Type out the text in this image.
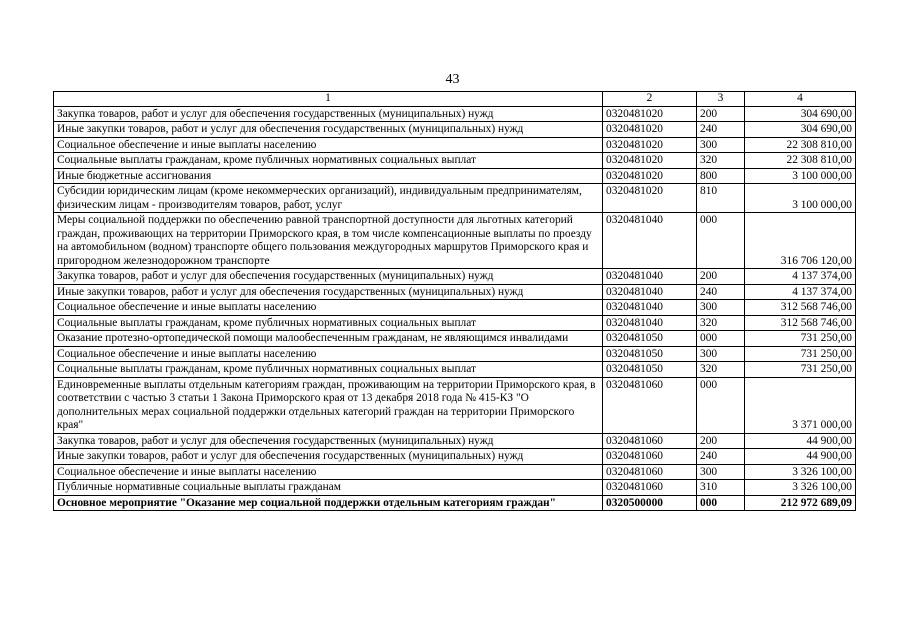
43
1	2	3	4
Закупка товаров, работ и услуг для обеспечения государственных (муниципальных) нужд	0320481020	200	304 690,00
Иные закупки товаров, работ и услуг для обеспечения государственных (муниципальных) нужд	0320481020	240	304 690,00
Социальное обеспечение и иные выплаты населению	0320481020	300	22 308 810,00
Социальные выплаты гражданам, кроме публичных нормативных социальных выплат	0320481020	320	22 308 810,00
Иные бюджетные ассигнования	0320481020	800	3 100 000,00
Субсидии юридическим лицам (кроме некоммерческих организаций), индивидуальным предпринимателям, физическим лицам - производителям товаров, работ, услуг	0320481020	810	3 100 000,00
Меры социальной поддержки по обеспечению равной транспортной доступности для льготных категорий граждан, проживающих на территории Приморского края, в том числе компенсационные выплаты по проезду на автомобильном (водном) транспорте общего пользования междугородных маршрутов Приморского края и пригородном железнодорожном транспорте	0320481040	000	316 706 120,00
Закупка товаров, работ и услуг для обеспечения государственных (муниципальных) нужд	0320481040	200	4 137 374,00
Иные закупки товаров, работ и услуг для обеспечения государственных (муниципальных) нужд	0320481040	240	4 137 374,00
Социальное обеспечение и иные выплаты населению	0320481040	300	312 568 746,00
Социальные выплаты гражданам, кроме публичных нормативных социальных выплат	0320481040	320	312 568 746,00
Оказание протезно-ортопедической помощи малообеспеченным гражданам, не являющимся инвалидами	0320481050	000	731 250,00
Социальное обеспечение и иные выплаты населению	0320481050	300	731 250,00
Социальные выплаты гражданам, кроме публичных нормативных социальных выплат	0320481050	320	731 250,00
Единовременные выплаты отдельным категориям граждан, проживающим на территории Приморского края, в соответствии с частью 3 статьи 1 Закона Приморского края от 13 декабря 2018 года № 415-КЗ "О дополнительных мерах социальной поддержки отдельных категорий граждан на территории Приморского края"	0320481060	000	3 371 000,00
Закупка товаров, работ и услуг для обеспечения государственных (муниципальных) нужд	0320481060	200	44 900,00
Иные закупки товаров, работ и услуг для обеспечения государственных (муниципальных) нужд	0320481060	240	44 900,00
Социальное обеспечение и иные выплаты населению	0320481060	300	3 326 100,00
Публичные нормативные социальные выплаты гражданам	0320481060	310	3 326 100,00
Основное мероприятие "Оказание мер социальной поддержки отдельным категориям граждан"	0320500000	000	212 972 689,09
